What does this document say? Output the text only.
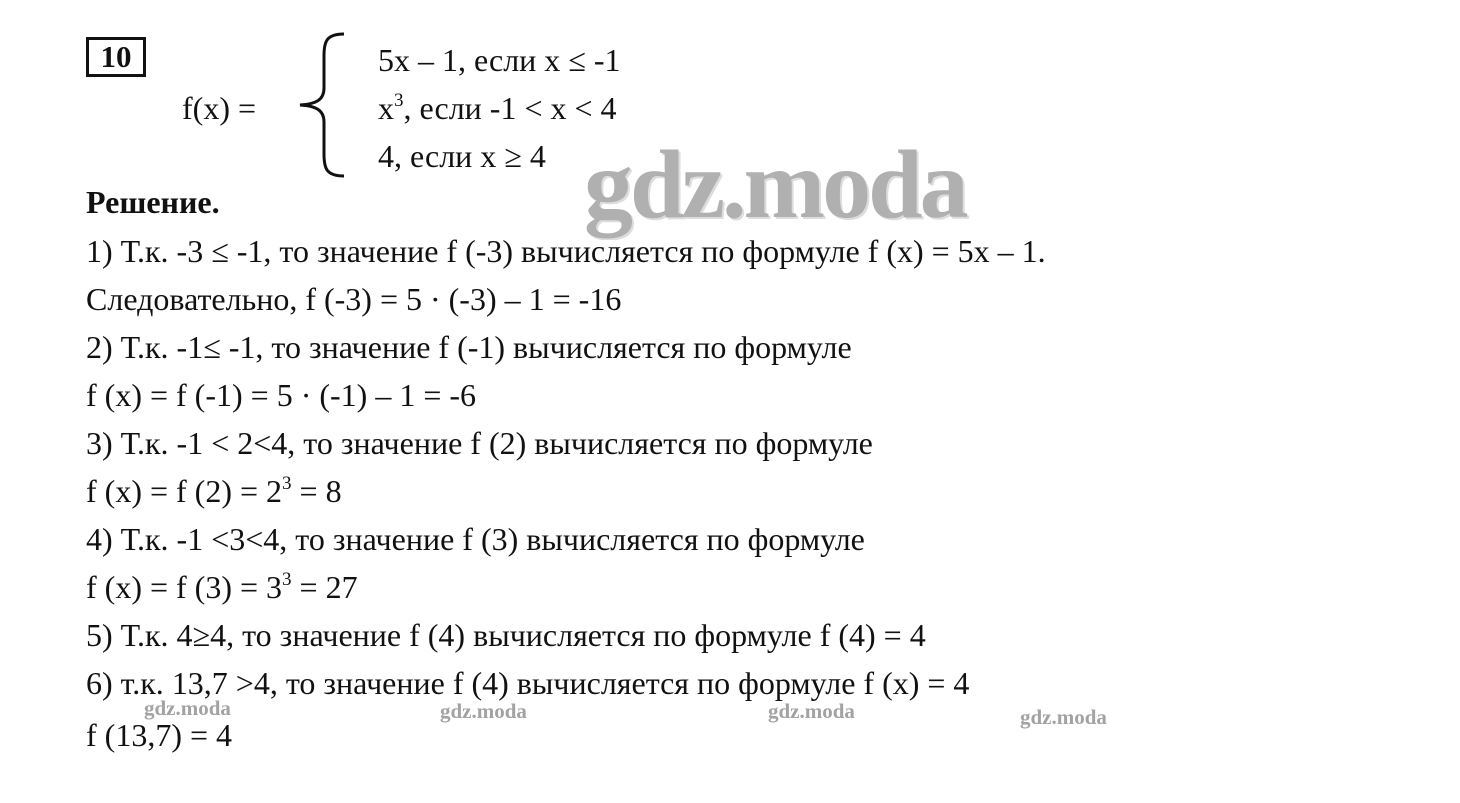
10
f(x) =
5x – 1, если x ≤ -1
$x^3$, если -1 < x < 4
4, если x ≥ 4 gdz.moda
Решение.
1) Т.к. -3 ≤ -1, то значение f (-3) вычисляется по формуле f (x) = 5x – 1.
Следовательно, f (-3) = 5 · (-3) – 1 = -16
2) Т.к. -1≤ -1, то значение f (-1) вычисляется по формуле
f (x) = f (-1) = 5 · (-1) – 1 = -6
3) Т.к. -1 < 2<4, то значение f (2) вычисляется по формуле
f (x) = f $(2) = 2^3 = 8$
4) Т.к. -1 <3<4, то значение f (3) вычисляется по формуле
f (x) = f $(3) = 3^3 = 27$
5) Т.к. 4≥4, то значение f (4) вычисляется по формуле f (4) = 4
6) т.к. 13,7 >4, то значение f (4) вычисляется по формуле f (x) = 4
f (13,7) = 4
gdz.moda	gdz.moda	gdz.moda	gdz.moda
